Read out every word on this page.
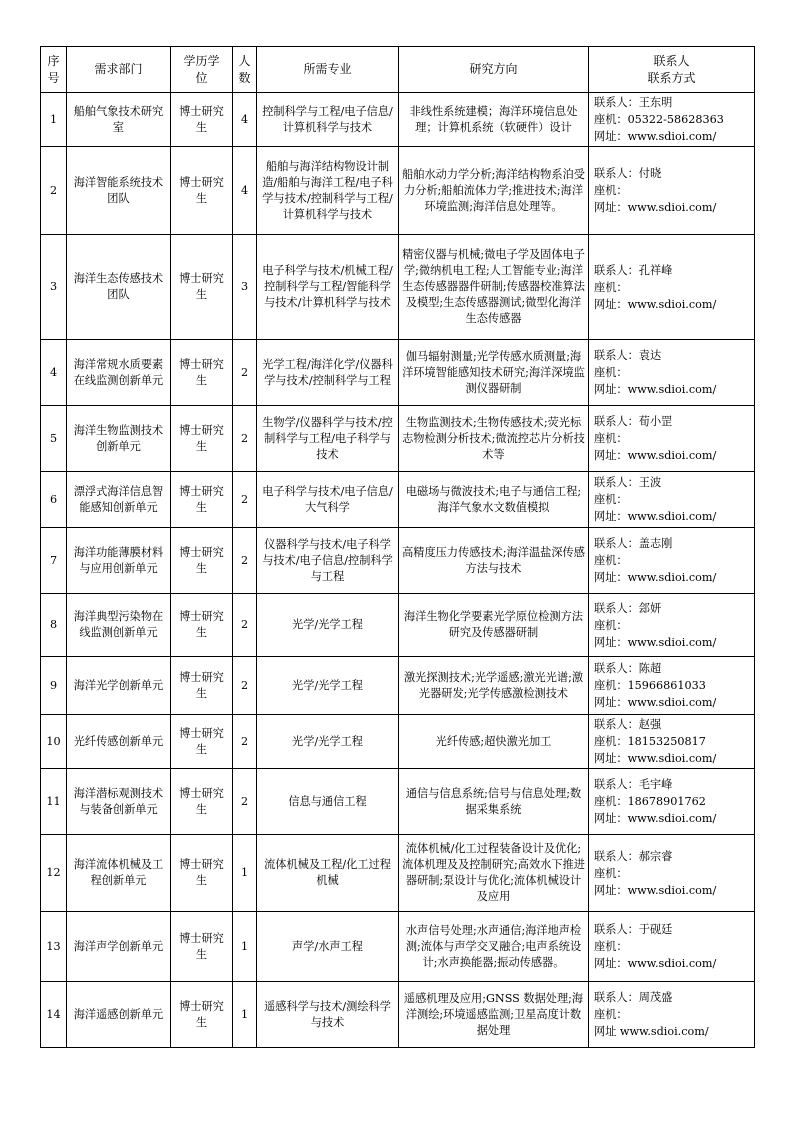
序
号	需求部门	学历学
位	人
数	所需专业	研究方向	联系人
联系方式

1	船舶气象技术研究室	博士研究生	4	控制科学与工程/电子信息/计算机科学与技术	非线性系统建模；海洋环境信息处理；计算机系统（软硬件）设计	联系人：王东明
座机：05322-58628363
网址：www.sdioi.com/

2	海洋智能系统技术团队	博士研究生	4	船舶与海洋结构物设计制造/船舶与海洋工程/电子科学与技术/控制科学与工程/计算机科学与技术	船舶水动力学分析;海洋结构物系泊受力分析;船舶流体力学;推进技术;海洋环境监测;海洋信息处理等。	联系人：付晓
座机：
网址：www.sdioi.com/

3	海洋生态传感技术团队	博士研究生	3	电子科学与技术/机械工程/控制科学与工程/智能科学与技术/计算机科学与技术	精密仪器与机械;微电子学及固体电子学;微纳机电工程;人工智能专业;海洋生态传感器器件研制;传感器校准算法及模型;生态传感器测试;微型化海洋生态传感器	联系人：孔祥峰
座机：
网址：www.sdioi.com/

4	海洋常规水质要素在线监测创新单元	博士研究生	2	光学工程/海洋化学/仪器科学与技术/控制科学与工程	伽马辐射测量;光学传感水质测量;海洋环境智能感知技术研究;海洋深境监测仪器研制	联系人：袁达
座机：
网址：www.sdioi.com/

5	海洋生物监测技术创新单元	博士研究生	2	生物学/仪器科学与技术/控制科学与工程/电子科学与技术	生物监测技术;生物传感技术;荧光标志物检测分析技术;微流控芯片分析技术等	联系人：荀小罡
座机：
网址：www.sdioi.com/

6	漂浮式海洋信息智能感知创新单元	博士研究生	2	电子科学与技术/电子信息/大气科学	电磁场与微波技术;电子与通信工程;海洋气象水文数值模拟	联系人：王波
座机：
网址：www.sdioi.com/

7	海洋功能薄膜材料与应用创新单元	博士研究生	2	仪器科学与技术/电子科学与技术/电子信息/控制科学与工程	高精度压力传感技术;海洋温盐深传感方法与技术	联系人：盖志刚
座机：
网址：www.sdioi.com/

8	海洋典型污染物在线监测创新单元	博士研究生	2	光学/光学工程	海洋生物化学要素光学原位检测方法研究及传感器研制	联系人：郐妍
座机：
网址：www.sdioi.com/

9	海洋光学创新单元	博士研究生	2	光学/光学工程	激光探测技术;光学遥感;激光光谱;激光器研发;光学传感激检测技术	联系人：陈超
座机：15966861033
网址：www.sdioi.com/

10	光纤传感创新单元	博士研究生	2	光学/光学工程	光纤传感;超快激光加工	联系人：赵强
座机：18153250817
网址：www.sdioi.com/

11	海洋潜标观测技术与装备创新单元	博士研究生	2	信息与通信工程	通信与信息系统;信号与信息处理;数据采集系统	联系人：毛宇峰
座机：18678901762
网址：www.sdioi.com/

12	海洋流体机械及工程创新单元	博士研究生	1	流体机械及工程/化工过程机械	流体机械/化工过程装备设计及优化;流体机理及及控制研究;高效水下推进器研制;泵设计与优化;流体机械设计及应用	联系人：郝宗睿
座机：
网址：www.sdioi.com/

13	海洋声学创新单元	博士研究生	1	声学/水声工程	水声信号处理;水声通信;海洋地声检测;流体与声学交叉融合;电声系统设计;水声换能器;振动传感器。	联系人：于砚廷
座机：
网址：www.sdioi.com/

14	海洋遥感创新单元	博士研究生	1	遥感科学与技术/测绘科学与技术	遥感机理及应用;GNSS 数据处理;海洋测绘;环境遥感监测;卫星高度计数据处理	联系人：周茂盛
座机：
网址 www.sdioi.com/
